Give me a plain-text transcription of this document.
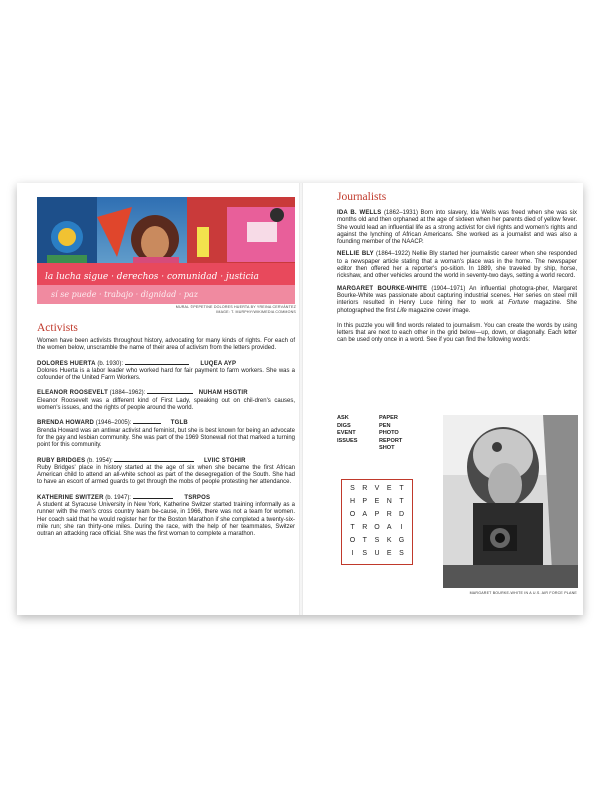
la lucha sigue · derechos · comunidad · justicia
sí se puede · trabajo · dignidad · paz
MURAL ©PEPETINE DOLORES HUERTA BY YREINA CERVÁNTEZ
IMAGE: T. MURPHY/WIKIMEDIA COMMONS
Activists

Women have been activists throughout history, advocating for many kinds of rights. For each of the women below, unscramble the name of their area of activism from the letters provided.

DOLORES HUERTA (b. 1930):	LUQEA AYP
Dolores Huerta is a labor leader who worked hard for fair payment to farm workers. She was a cofounder of the United Farm Workers.

ELEANOR ROOSEVELT (1884–1962):	NUHAM HSGTIR
Eleanor Roosevelt was a different kind of First Lady, speaking out on chil-dren's causes, women's issues, and the rights of people around the world.

BRENDA HOWARD (1946–2005):	TGLB
Brenda Howard was an antiwar activist and feminist, but she is best known for being an advocate for the gay and lesbian community. She was part of the 1969 Stonewall riot that marked a turning point for this community.

RUBY BRIDGES (b. 1954):	LVIIC STGHIR
Ruby Bridges' place in history started at the age of six when she became the first African American child to attend an all-white school as part of the desegregation of the South. She had to have an escort of armed guards to get through the mobs of people protesting her attendance.

KATHERINE SWITZER (b. 1947):	TSRPOS
A student at Syracuse University in New York, Katherine Switzer started training informally as a runner with the men's cross country team be-cause, in 1966, there was not a team for women. Her coach said that he would register her for the Boston Marathon if she completed a twenty-six-mile run; she ran thirty-one miles. During the race, with the help of her teammates, Switzer outran an attacking race official. She was the first woman to complete a marathon.

Journalists

IDA B. WELLS (1862–1931) Born into slavery, Ida Wells was freed when she was six months old and then orphaned at the age of sixteen when her parents died of yellow fever. She would lead an influential life as a strong activist for civil rights and women's rights and against the lynching of African Americans. She worked as a journalist and was also a founding member of the NAACP.

NELLIE BLY (1864–1922) Nellie Bly started her journalistic career when she responded to a newspaper article stating that a woman's place was in the home. The newspaper editor then offered her a reporter's po-sition. In 1889, she traveled by ship, horse, rickshaw, and other vehicles around the world in seventy-two days, setting a world record.

MARGARET BOURKE-WHITE (1904–1971) An influential photogra-pher, Margaret Bourke-White was passionate about capturing industrial scenes. Her series on steel mill interiors resulted in Henry Luce hiring her to work at Fortune magazine. She photographed the first Life magazine cover image.

In this puzzle you will find words related to journalism. You can create the words by using letters that are next to each other in the grid below—up, down, or diagonally. Each letter can be used only once in a word. See if you can find the following words:

ASK
DIGS
EVENT
ISSUES
PAPER
PEN
PHOTO
REPORT
SHOT
S	R	V	E	T
H	P	E	N	T
O	A	P	R D
T	R O	A	I
O	T	S	K	G
I	S	U	E	S
MARGARET BOURKE-WHITE IN A U.S. AIR FORCE PLANE
